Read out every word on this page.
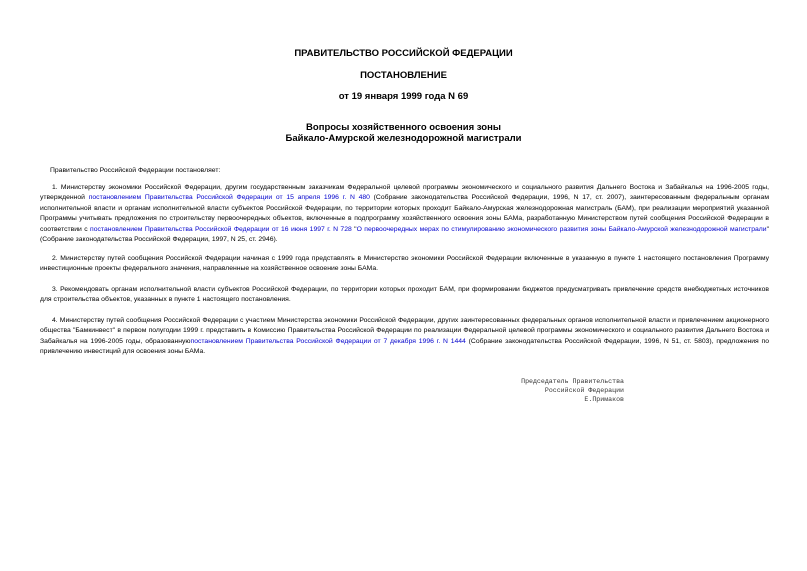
ПРАВИТЕЛЬСТВО РОССИЙСКОЙ ФЕДЕРАЦИИ
ПОСТАНОВЛЕНИЕ
от 19 января 1999 года N 69
Вопросы хозяйственного освоения зоны
Байкало-Амурской железнодорожной магистрали
Правительство Российской Федерации постановляет:
1. Министерству экономики Российской Федерации, другим государственным заказчикам Федеральной целевой программы экономического и социального развития Дальнего Востока и Забайкалья на 1996-2005 годы, утвержденной постановлением Правительства Российской Федерации от 15 апреля 1996 г. N 480 (Собрание законодательства Российской Федерации, 1996, N 17, ст. 2007), заинтересованным федеральным органам исполнительной власти и органам исполнительной власти субъектов Российской Федерации, по территории которых проходит Байкало-Амурская железнодорожная магистраль (БАМ), при реализации мероприятий указанной Программы учитывать предложения по строительству первоочередных объектов, включенные в подпрограмму хозяйственного освоения зоны БАМа, разработанную Министерством путей сообщения Российской Федерации в соответствии с постановлением Правительства Российской Федерации от 16 июня 1997 г. N 728 "О первоочередных мерах по стимулированию экономического развития зоны Байкало-Амурской железнодорожной магистрали" (Собрание законодательства Российской Федерации, 1997, N 25, ст. 2946).
2. Министерству путей сообщения Российской Федерации начиная с 1999 года представлять в Министерство экономики Российской Федерации включенные в указанную в пункте 1 настоящего постановления Программу инвестиционные проекты федерального значения, направленные на хозяйственное освоение зоны БАМа.
3. Рекомендовать органам исполнительной власти субъектов Российской Федерации, по территории которых проходит БАМ, при формировании бюджетов предусматривать привлечение средств внебюджетных источников для строительства объектов, указанных в пункте 1 настоящего постановления.
4. Министерству путей сообщения Российской Федерации с участием Министерства экономики Российской Федерации, других заинтересованных федеральных органов исполнительной власти и привлечением акционерного общества "Бамкинвест" в первом полугодии 1999 г. представить в Комиссию Правительства Российской Федерации по реализации Федеральной целевой программы экономического и социального развития Дальнего Востока и Забайкалья на 1996-2005 годы, образованнуюпостановлением Правительства Российской Федерации от 7 декабря 1996 г. N 1444 (Собрание законодательства Российской Федерации, 1996, N 51, ст. 5803), предложения по привлечению инвестиций для освоения зоны БАМа.
Председатель Правительства
Российской Федерации
Е.Примаков
